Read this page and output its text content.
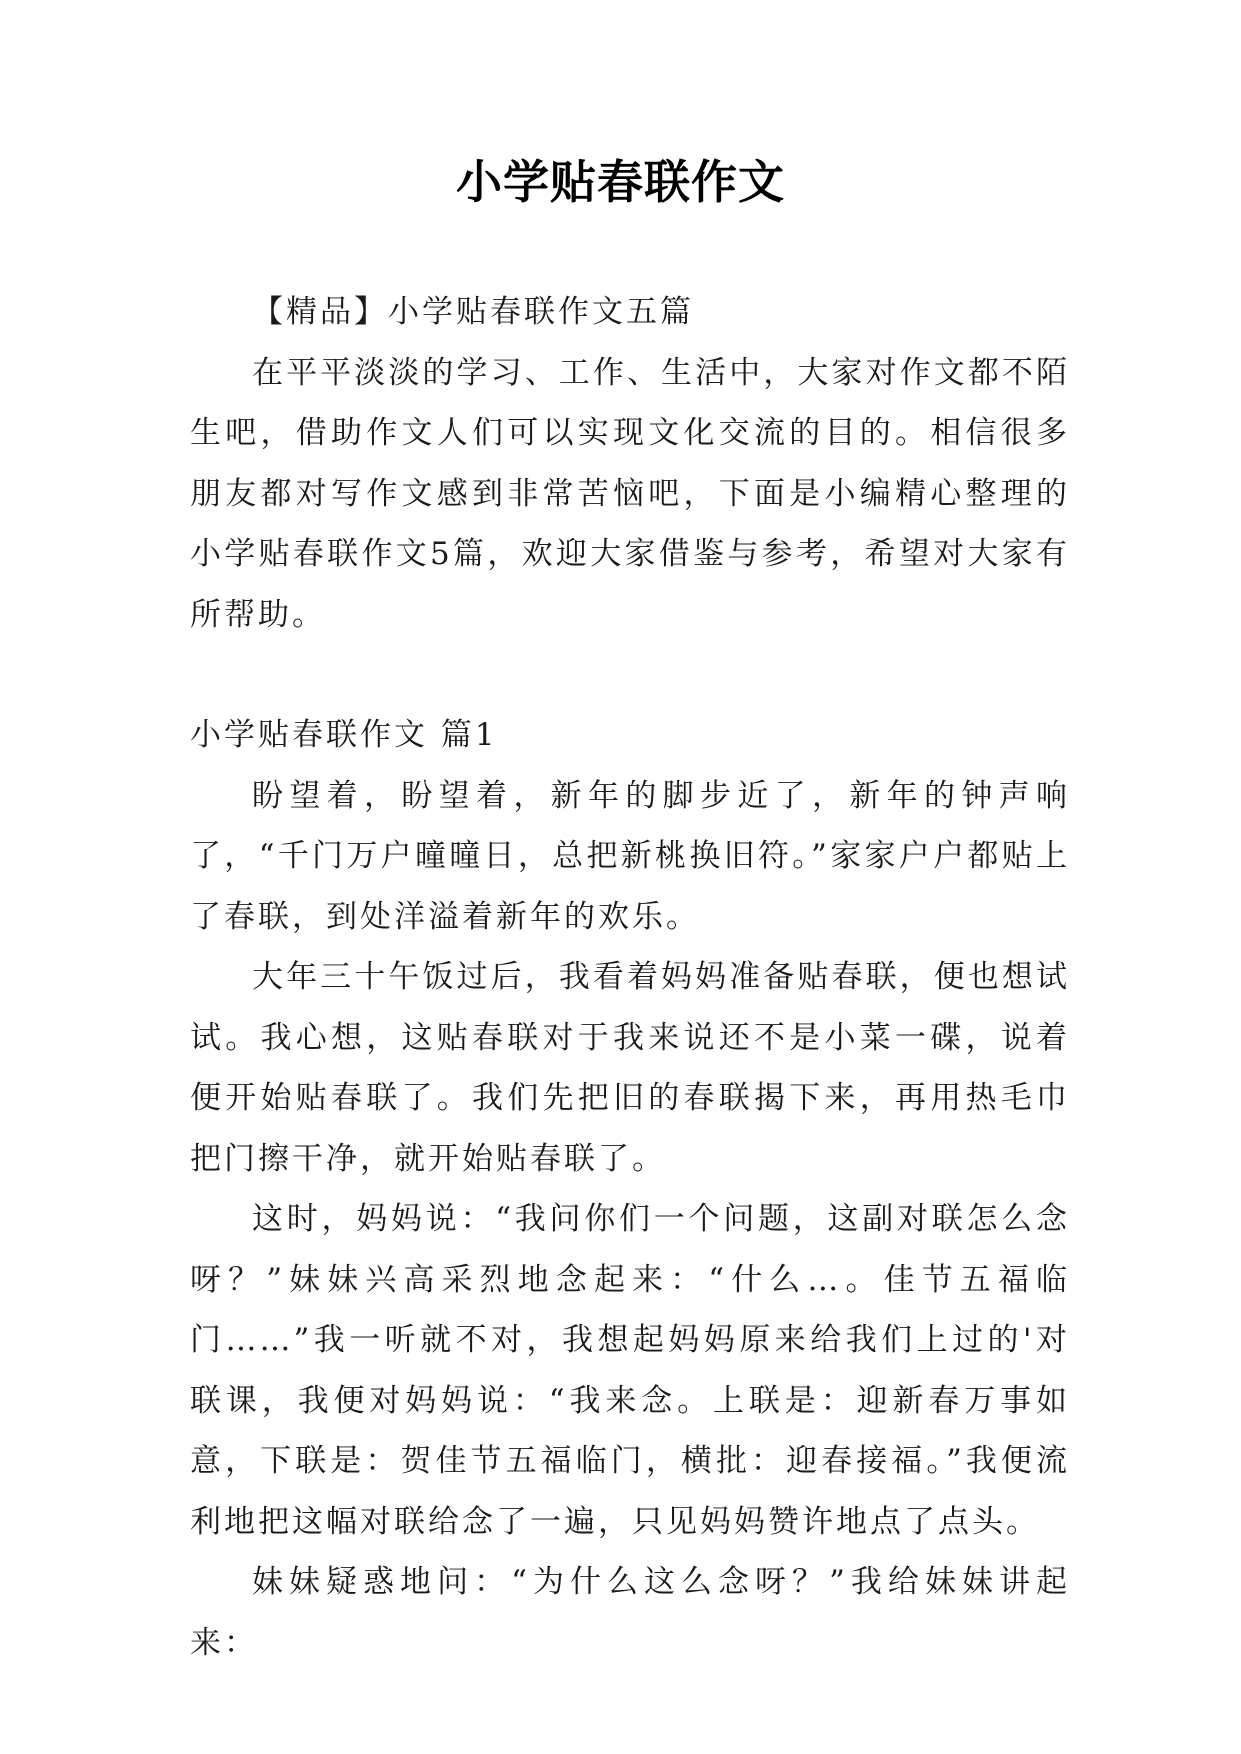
小学贴春联作文

【精品】小学贴春联作文五篇

在平平淡淡的学习、工作、生活中，大家对作文都不陌生吧，借助作文人们可以实现文化交流的目的。相信很多朋友都对写作文感到非常苦恼吧，下面是小编精心整理的小学贴春联作文5篇，欢迎大家借鉴与参考，希望对大家有所帮助。

小学贴春联作文 篇1

盼望着，盼望着，新年的脚步近了，新年的钟声响了，“千门万户曈曈日，总把新桃换旧符。”家家户户都贴上了春联，到处洋溢着新年的欢乐。

大年三十午饭过后，我看着妈妈准备贴春联，便也想试试。我心想，这贴春联对于我来说还不是小菜一碟，说着便开始贴春联了。我们先把旧的春联揭下来，再用热毛巾把门擦干净，就开始贴春联了。

这时，妈妈说：“我问你们一个问题，这副对联怎么念呀？”妹妹兴高采烈地念起来：“什么…。佳节五福临门……”我一听就不对，我想起妈妈原来给我们上过的'对联课，我便对妈妈说：“我来念。上联是：迎新春万事如意，下联是：贺佳节五福临门，横批：迎春接福。”我便流利地把这幅对联给念了一遍，只见妈妈赞许地点了点头。

妹妹疑惑地问：“为什么这么念呀？”我给妹妹讲起来：
